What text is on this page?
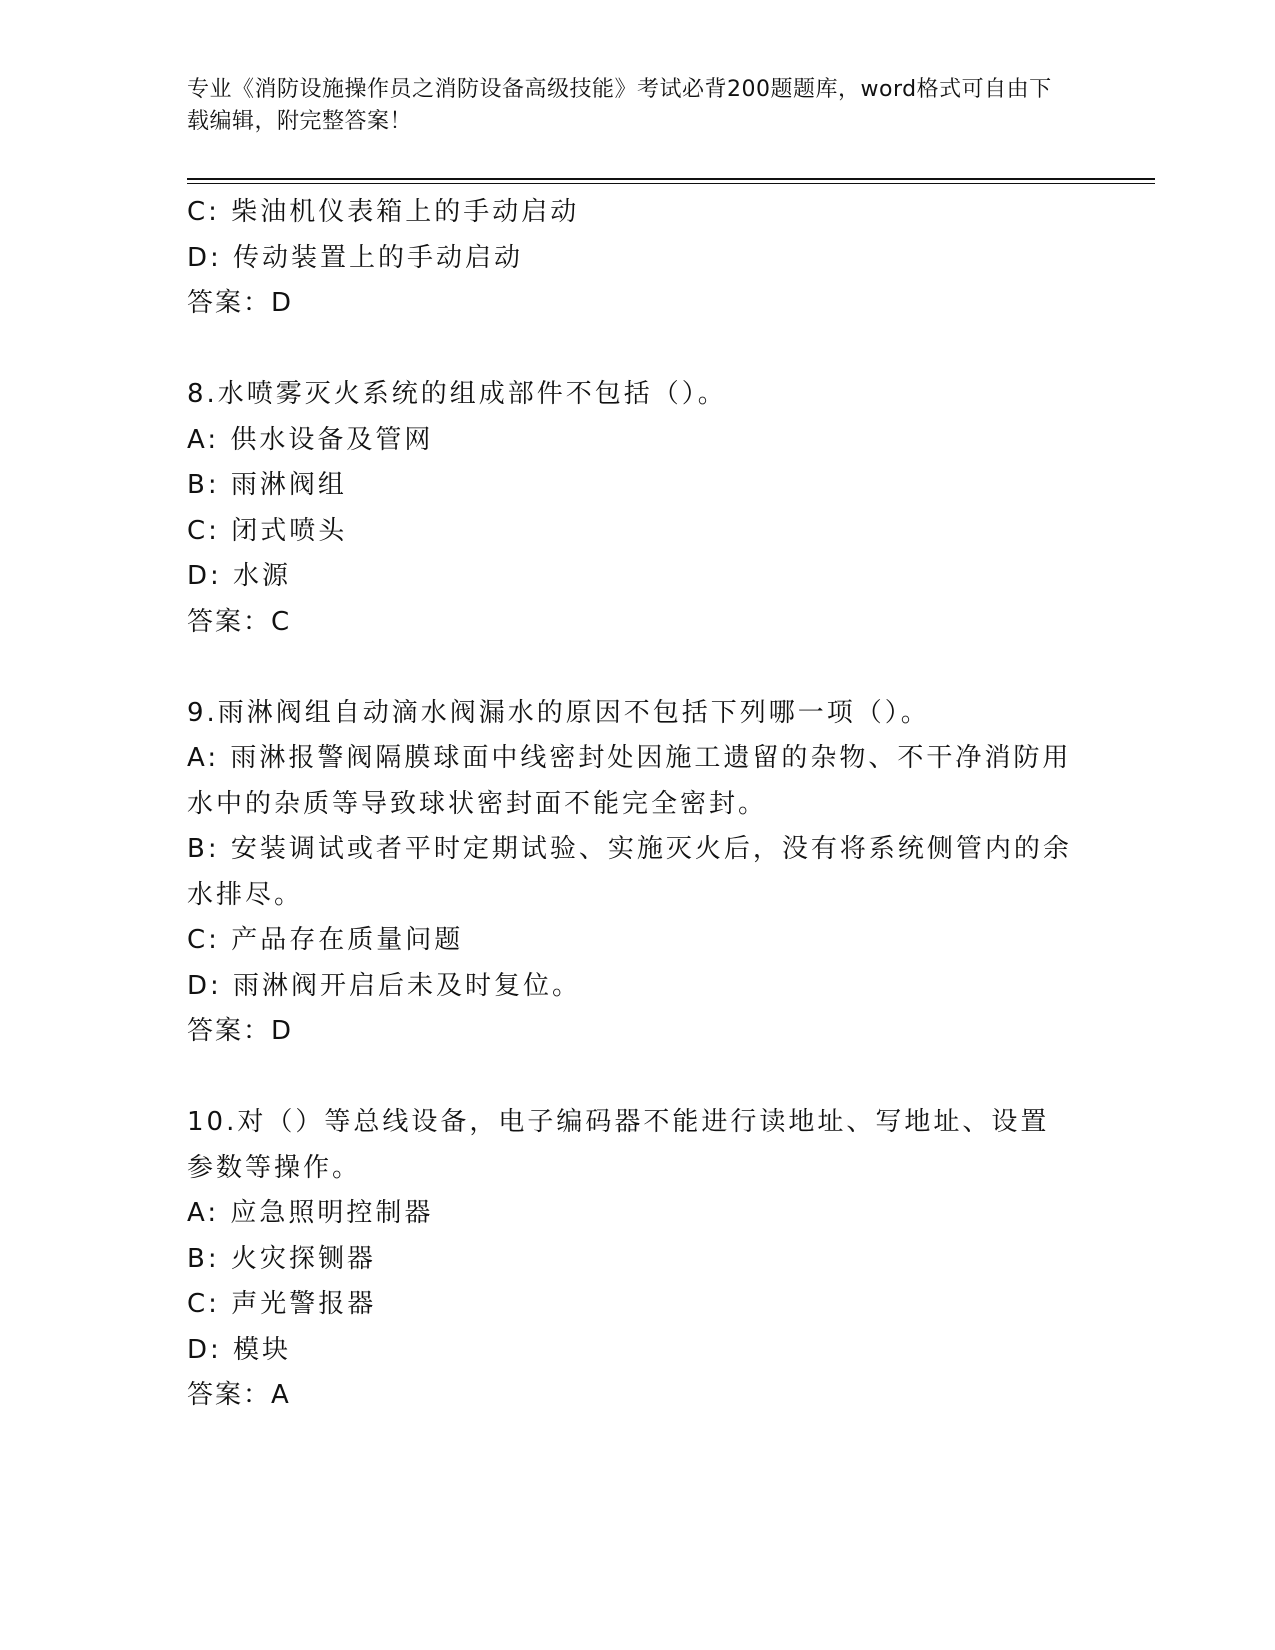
专业《消防设施操作员之消防设备高级技能》考试必背200题题库，word格式可自由下载编辑，附完整答案！

C: 柴油机仪表箱上的手动启动

D: 传动装置上的手动启动

答案：D

8.水喷雾灭火系统的组成部件不包括（）。

A: 供水设备及管网

B: 雨淋阀组

C: 闭式喷头

D: 水源

答案：C

9.雨淋阀组自动滴水阀漏水的原因不包括下列哪一项（）。

A: 雨淋报警阀隔膜球面中线密封处因施工遗留的杂物、不干净消防用水中的杂质等导致球状密封面不能完全密封。

B: 安装调试或者平时定期试验、实施灭火后，没有将系统侧管内的余水排尽。

C: 产品存在质量问题

D: 雨淋阀开启后未及时复位。

答案：D

10.对（）等总线设备，电子编码器不能进行读地址、写地址、设置参数等操作。

A: 应急照明控制器

B: 火灾探铡器

C: 声光警报器

D: 模块

答案：A
